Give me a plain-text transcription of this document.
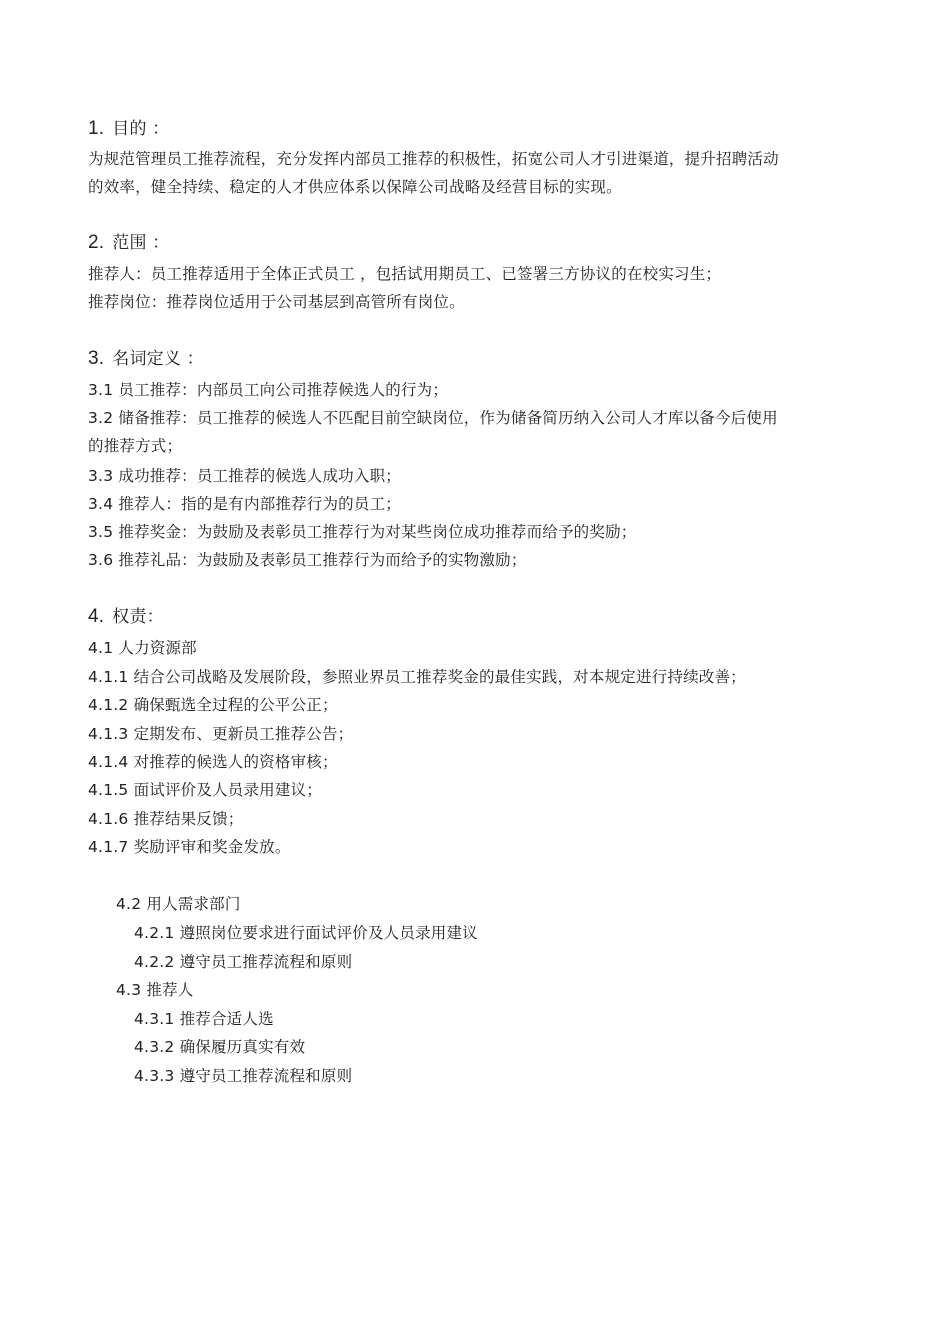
1. 目的 ：
为规范管理员工推荐流程，充分发挥内部员工推荐的积极性，拓宽公司人才引进渠道，提升招聘活动
的效率，健全持续、稳定的人才供应体系以保障公司战略及经营目标的实现。
2. 范围 ：
推荐人：员工推荐适用于全体正式员工 ，包括试用期员工、已签署三方协议的在校实习生；
推荐岗位：推荐岗位适用于公司基层到高管所有岗位。
3. 名词定义 ：
3.1 员工推荐：内部员工向公司推荐候选人的行为；
3.2 储备推荐：员工推荐的候选人不匹配目前空缺岗位，作为储备简历纳入公司人才库以备今后使用
的推荐方式；
3.3 成功推荐：员工推荐的候选人成功入职；
3.4 推荐人：指的是有内部推荐行为的员工；
3.5 推荐奖金：为鼓励及表彰员工推荐行为对某些岗位成功推荐而给予的奖励；
3.6 推荐礼品：为鼓励及表彰员工推荐行为而给予的实物激励；
4. 权责：
4.1 人力资源部
4.1.1 结合公司战略及发展阶段，参照业界员工推荐奖金的最佳实践，对本规定进行持续改善；
4.1.2 确保甄选全过程的公平公正；
4.1.3 定期发布、更新员工推荐公告；
4.1.4 对推荐的候选人的资格审核；
4.1.5 面试评价及人员录用建议；
4.1.6 推荐结果反馈；
4.1.7 奖励评审和奖金发放。
4.2 用人需求部门
4.2.1 遵照岗位要求进行面试评价及人员录用建议
4.2.2 遵守员工推荐流程和原则
4.3 推荐人
4.3.1 推荐合适人选
4.3.2 确保履历真实有效
4.3.3 遵守员工推荐流程和原则
